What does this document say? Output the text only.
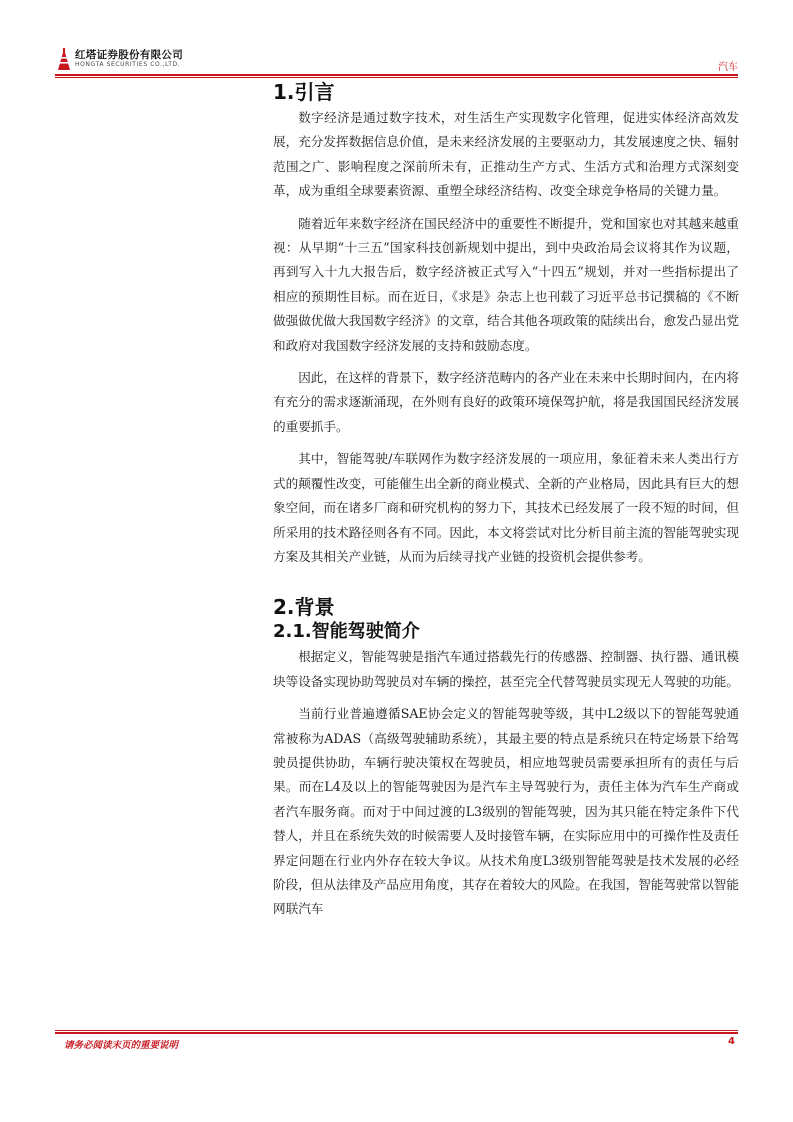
红塔证券股份有限公司
HONGTA SECURITIES CO.,LTD.	汽车
1.引言

数字经济是通过数字技术，对生活生产实现数字化管理，促进实体经济高效发展，充分发挥数据信息价值，是未来经济发展的主要驱动力，其发展速度之快、辐射范围之广、影响程度之深前所未有，正推动生产方式、生活方式和治理方式深刻变革，成为重组全球要素资源、重塑全球经济结构、改变全球竞争格局的关键力量。

随着近年来数字经济在国民经济中的重要性不断提升，党和国家也对其越来越重视：从早期“十三五”国家科技创新规划中提出，到中央政治局会议将其作为议题，再到写入十九大报告后，数字经济被正式写入“十四五”规划，并对一些指标提出了相应的预期性目标。而在近日，《求是》杂志上也刊载了习近平总书记撰稿的《不断做强做优做大我国数字经济》的文章，结合其他各项政策的陆续出台，愈发凸显出党和政府对我国数字经济发展的支持和鼓励态度。

因此，在这样的背景下，数字经济范畴内的各产业在未来中长期时间内，在内将有充分的需求逐渐涌现，在外则有良好的政策环境保驾护航，将是我国国民经济发展的重要抓手。

其中，智能驾驶/车联网作为数字经济发展的一项应用，象征着未来人类出行方式的颠覆性改变，可能催生出全新的商业模式、全新的产业格局，因此具有巨大的想象空间，而在诸多厂商和研究机构的努力下，其技术已经发展了一段不短的时间，但所采用的技术路径则各有不同。因此，本文将尝试对比分析目前主流的智能驾驶实现方案及其相关产业链，从而为后续寻找产业链的投资机会提供参考。

2.背景
2.1.智能驾驶简介

根据定义，智能驾驶是指汽车通过搭载先行的传感器、控制器、执行器、通讯模块等设备实现协助驾驶员对车辆的操控，甚至完全代替驾驶员实现无人驾驶的功能。

当前行业普遍遵循SAE协会定义的智能驾驶等级，其中L2级以下的智能驾驶通常被称为ADAS（高级驾驶辅助系统），其最主要的特点是系统只在特定场景下给驾驶员提供协助，车辆行驶决策权在驾驶员，相应地驾驶员需要承担所有的责任与后果。而在L4及以上的智能驾驶因为是汽车主导驾驶行为，责任主体为汽车生产商或者汽车服务商。而对于中间过渡的L3级别的智能驾驶，因为其只能在特定条件下代替人，并且在系统失效的时候需要人及时接管车辆，在实际应用中的可操作性及责任界定问题在行业内外存在较大争议。从技术角度L3级别智能驾驶是技术发展的必经阶段，但从法律及产品应用角度，其存在着较大的风险。在我国，智能驾驶常以智能网联汽车

请务必阅读末页的重要说明	4
